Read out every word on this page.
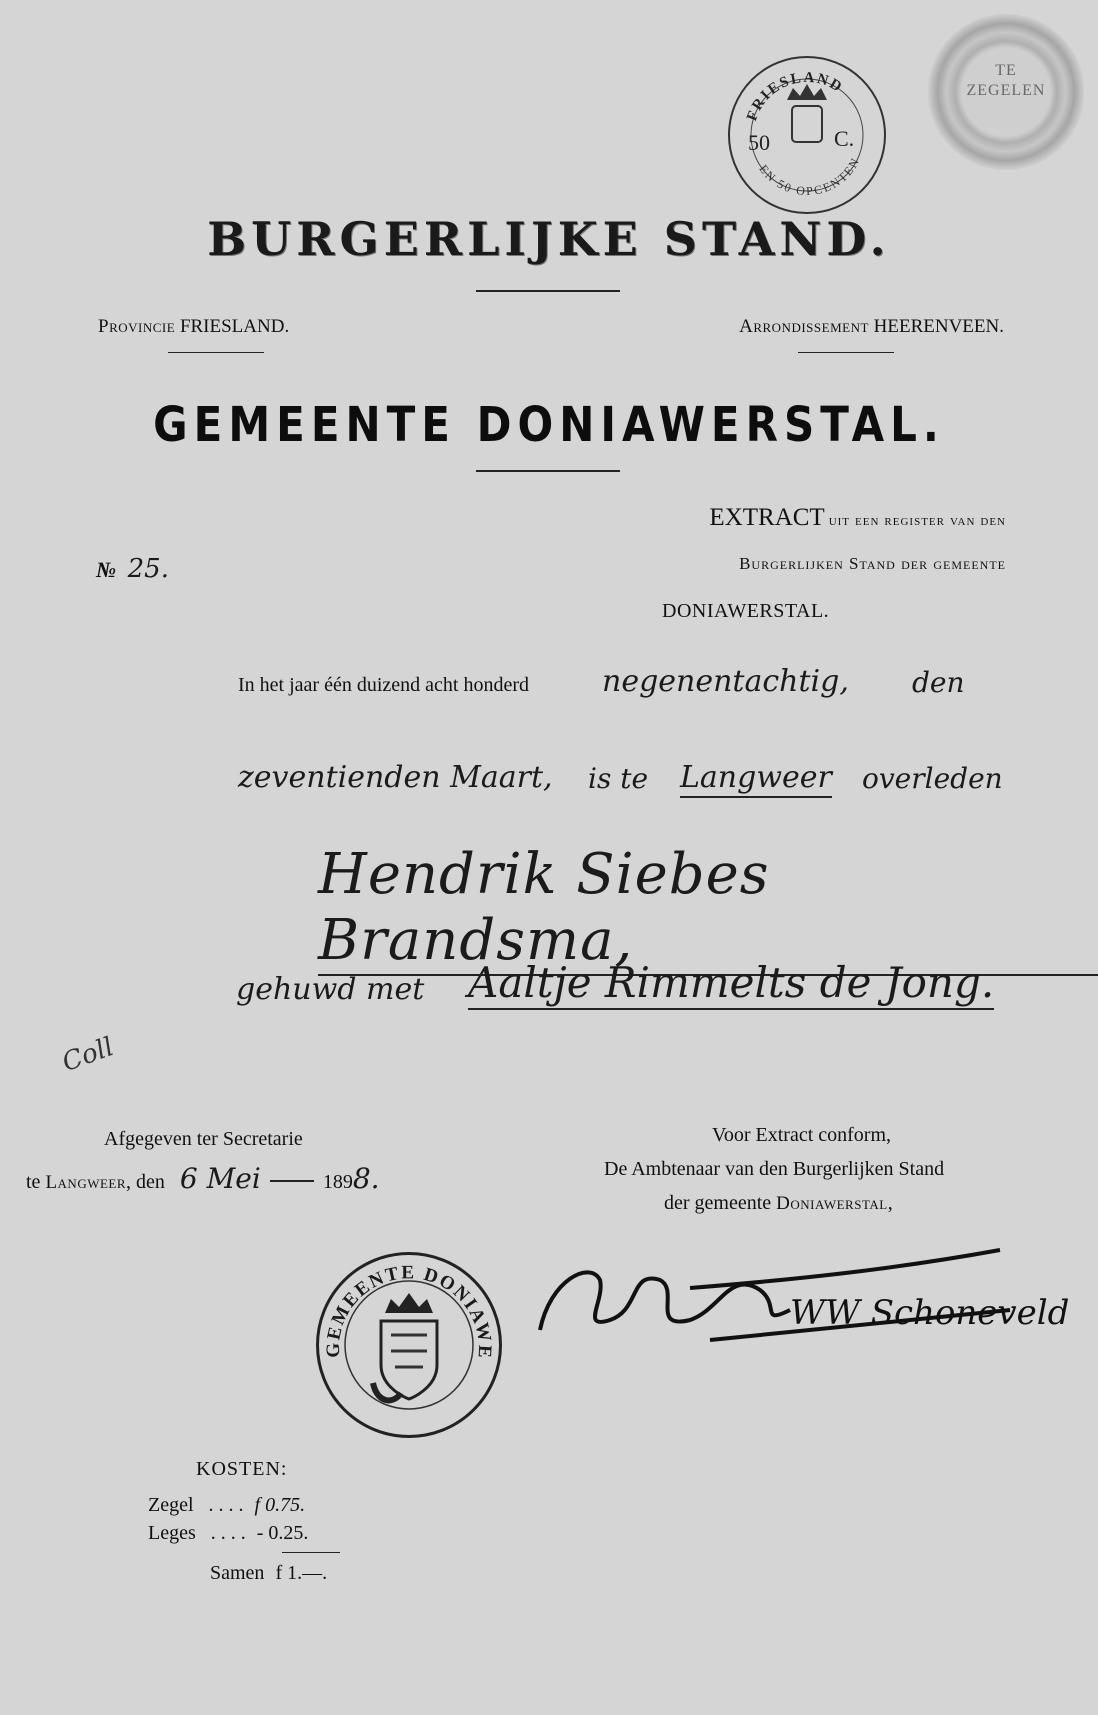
FRIESLAND
EN 50 OPCENTEN
50	C.
TE
ZEGELEN
BURGERLIJKE STAND.
Provincie FRIESLAND.	Arrondissement HEERENVEEN.
GEMEENTE DONIAWERSTAL.
EXTRACT uit een register van den
Burgerlijken Stand der gemeente
DONIAWERSTAL.
№ 25.
In het jaar één duizend acht honderd negenentachtig, den
zeventienden Maart, is te Langweer overleden
Hendrik Siebes Brandsma,
gehuwd met Aaltje Rimmelts de Jong.
Coll
Afgegeven ter Secretarie
te Langweer, den 6 Mei	1898.
Voor Extract conform,
De Ambtenaar van den Burgerlijken Stand
der gemeente Doniawerstal,
WW Schoneveld
GEMEENTE DONIAWE
KOSTEN:
Zegel . . . . f 0.75.
Leges . . . . - 0.25.
Samen f 1.—.
